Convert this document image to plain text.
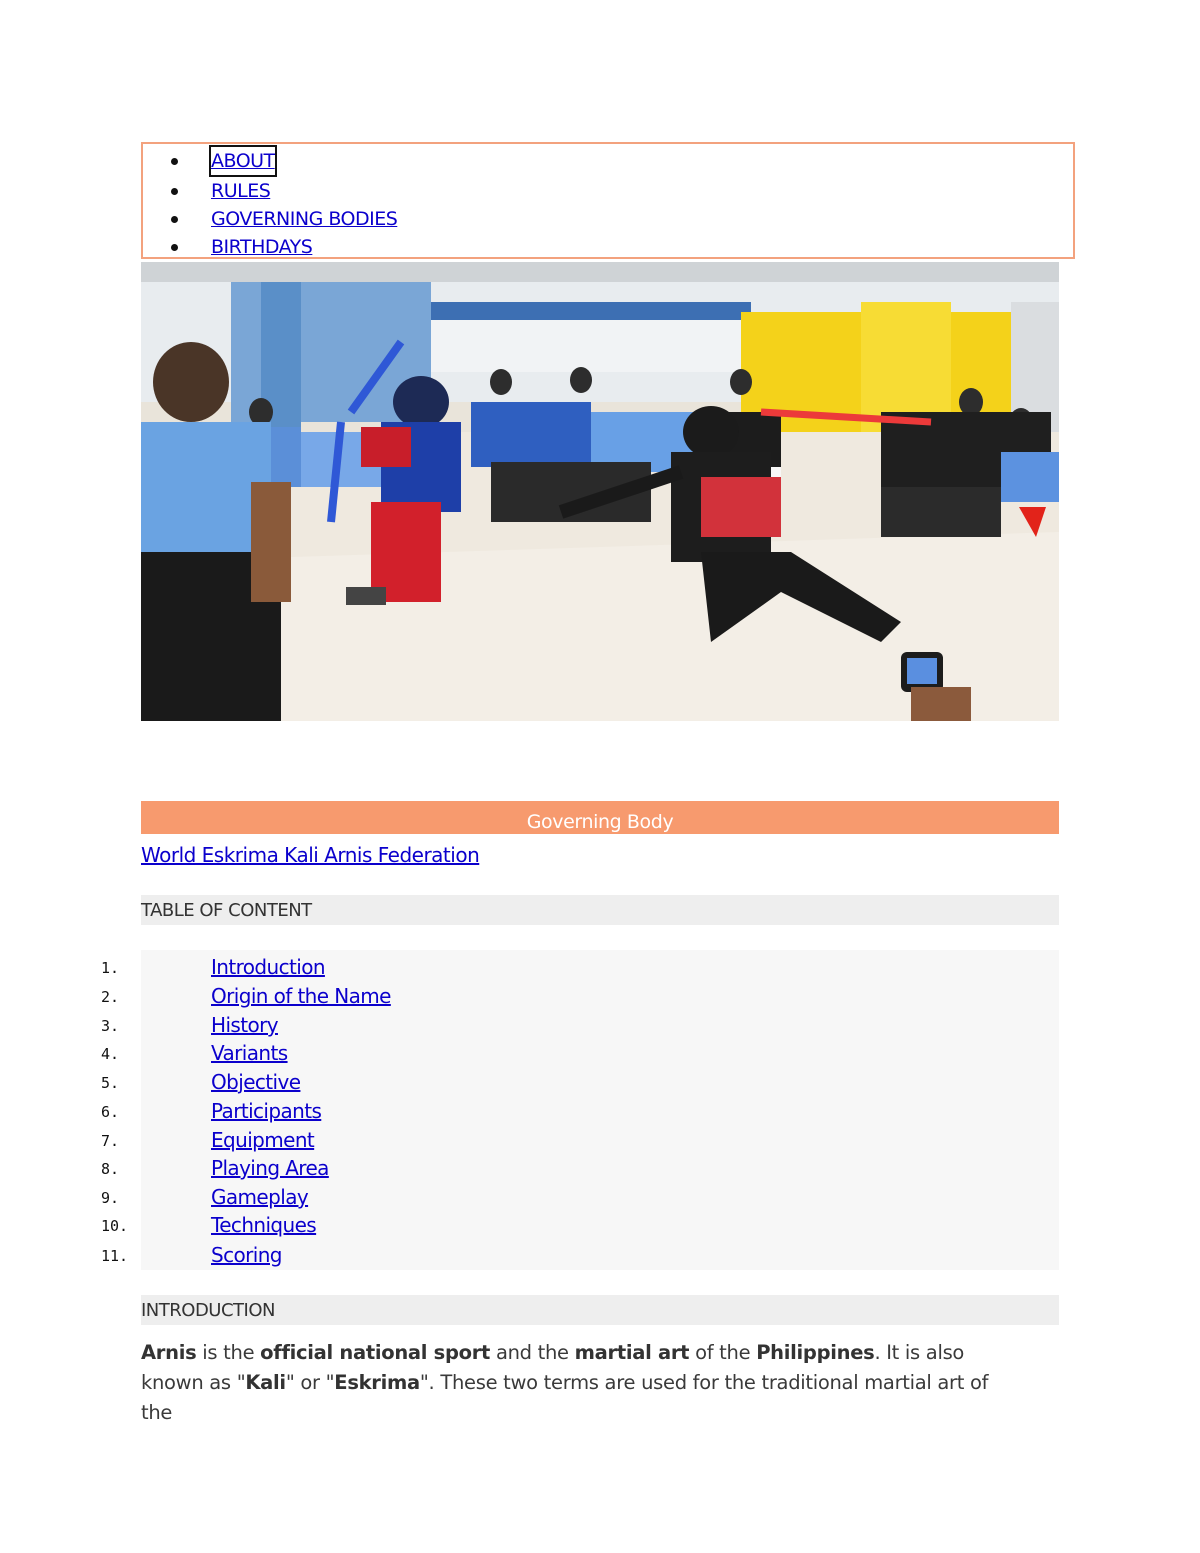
ABOUT
RULES
GOVERNING BODIES
BIRTHDAYS
Governing Body
World Eskrima Kali Arnis Federation
TABLE OF CONTENT
1.	Introduction
2.	Origin of the Name
3.	History
4.	Variants
5.	Objective
6.	Participants
7.	Equipment
8.	Playing Area
9.	Gameplay
10.	Techniques
11.	Scoring
INTRODUCTION

Arnis is the official national sport and the martial art of the Philippines. It is also known as "Kali" or "Eskrima". These two terms are used for the traditional martial art of the
